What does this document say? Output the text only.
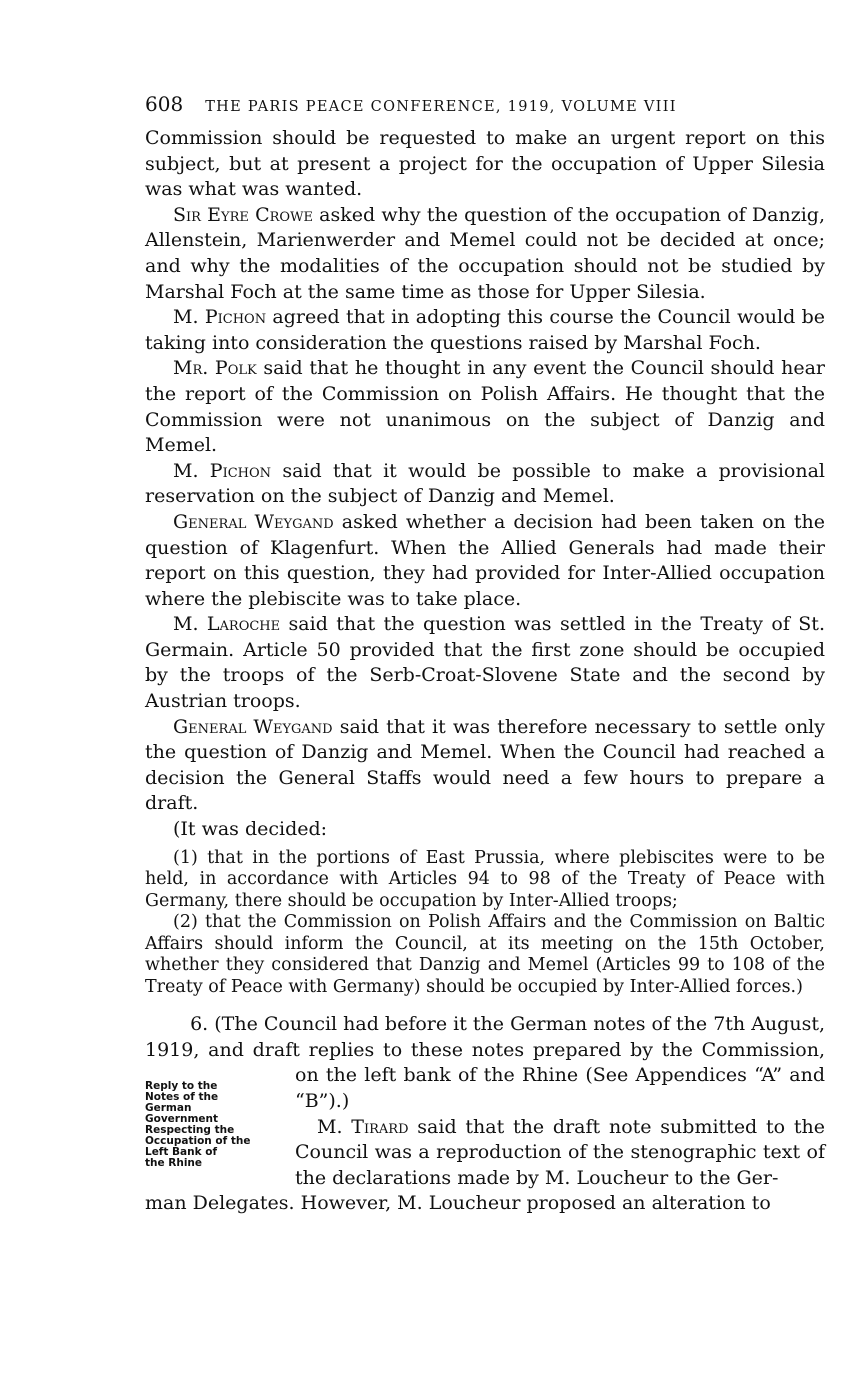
608 THE PARIS PEACE CONFERENCE, 1919, VOLUME VIII

Commission should be requested to make an urgent report on this subject, but at present a project for the occupation of Upper Silesia was what was wanted.

Sir Eyre Crowe asked why the question of the occupation of Danzig, Allenstein, Marienwerder and Memel could not be decided at once; and why the modalities of the occupation should not be studied by Marshal Foch at the same time as those for Upper Silesia.

M. Pichon agreed that in adopting this course the Council would be taking into consideration the questions raised by Marshal Foch.

Mr. Polk said that he thought in any event the Council should hear the report of the Commission on Polish Affairs. He thought that the Commission were not unanimous on the subject of Danzig and Memel.

M. Pichon said that it would be possible to make a provisional reservation on the subject of Danzig and Memel.

General Weygand asked whether a decision had been taken on the question of Klagenfurt. When the Allied Generals had made their report on this question, they had provided for Inter-Allied occupation where the plebiscite was to take place.

M. Laroche said that the question was settled in the Treaty of St. Germain. Article 50 provided that the first zone should be occupied by the troops of the Serb-Croat-Slovene State and the second by Austrian troops.

General Weygand said that it was therefore necessary to settle only the question of Danzig and Memel. When the Council had reached a decision the General Staffs would need a few hours to prepare a draft.

(It was decided:

(1) that in the portions of East Prussia, where plebiscites were to be held, in accordance with Articles 94 to 98 of the Treaty of Peace with Germany, there should be occupation by Inter-Allied troops;

(2) that the Commission on Polish Affairs and the Commission on Baltic Affairs should inform the Council, at its meeting on the 15th October, whether they considered that Danzig and Memel (Articles 99 to 108 of the Treaty of Peace with Germany) should be occupied by Inter-Allied forces.)

6. (The Council had before it the German notes of the 7th August,

1919, and draft replies to these notes prepared by the Commission,

Reply to the
Notes of the
German
Government
Respecting the
Occupation of the
Left Bank of
the Rhine

on the left bank of the Rhine (See Appendices “A” and “B”).)

M. Tirard said that the draft note submitted to the Council was a reproduction of the stenographic text of the declarations made by M. Loucheur to the Ger-

man Delegates. However, M. Loucheur proposed an alteration to
